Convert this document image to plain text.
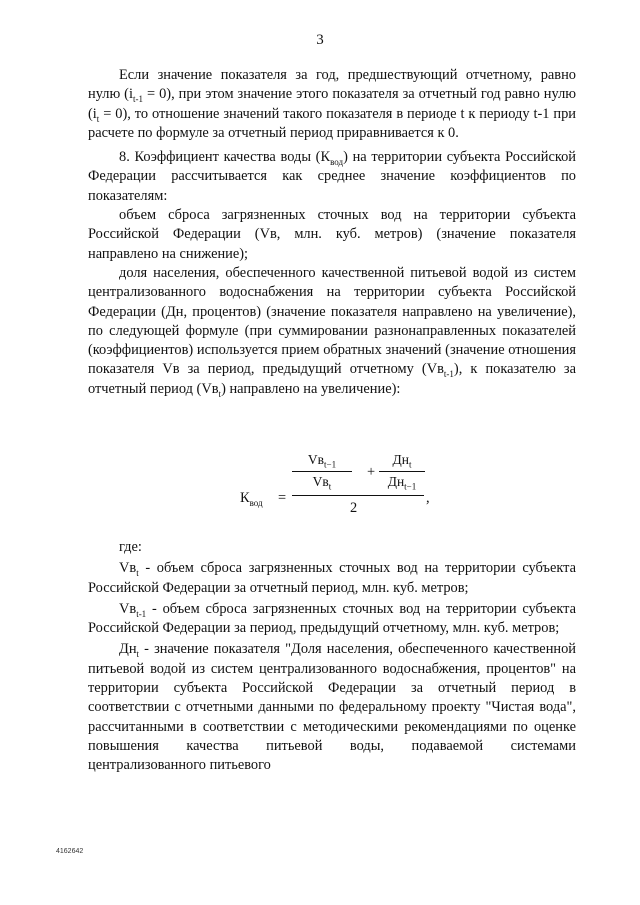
3

Если значение показателя за год, предшествующий отчетному, равно нулю $(i_{t-1} = 0)$, при этом значение этого показателя за отчетный год равно нулю $(i_t = 0)$, то отношение значений такого показателя в периоде t к периоду t-1 при расчете по формуле за отчетный период приравнивается к 0.

8. Коэффициент качества воды $(К_{вод})$ на территории субъекта Российской Федерации рассчитывается как среднее значение коэффициентов по показателям:

объем сброса загрязненных сточных вод на территории субъекта Российской Федерации (Vв, млн. куб. метров) (значение показателя направлено на снижение);

доля населения, обеспеченного качественной питьевой водой из систем централизованного водоснабжения на территории субъекта Российской Федерации (Дн, процентов) (значение показателя направлено на увеличение), по следующей формуле (при суммировании разнонаправленных показателей (коэффициентов) используется прием обратных значений (значение отношения показателя Vв за период, предыдущий отчетному $(Vв_{t-1})$, к показателю за отчетный период $(Vв_t)$ направлено на увеличение):

$К_{вод}$ =
$Vв_{t-1}$
$Vв_t$
+
$Дн_t$
$Дн_{t-1}$
2
,

где:

$Vв_t$ - объем сброса загрязненных сточных вод на территории субъекта Российской Федерации за отчетный период, млн. куб. метров;

$Vв_{t-1}$ - объем сброса загрязненных сточных вод на территории субъекта Российской Федерации за период, предыдущий отчетному, млн. куб. метров;

$Дн_t$ - значение показателя "Доля населения, обеспеченного качественной питьевой водой из систем централизованного водоснабжения, процентов" на территории субъекта Российской Федерации за отчетный период в соответствии с отчетными данными по федеральному проекту "Чистая вода", рассчитанными в соответствии с методическими рекомендациями по оценке повышения качества питьевой воды, подаваемой системами централизованного питьевого

4162642
